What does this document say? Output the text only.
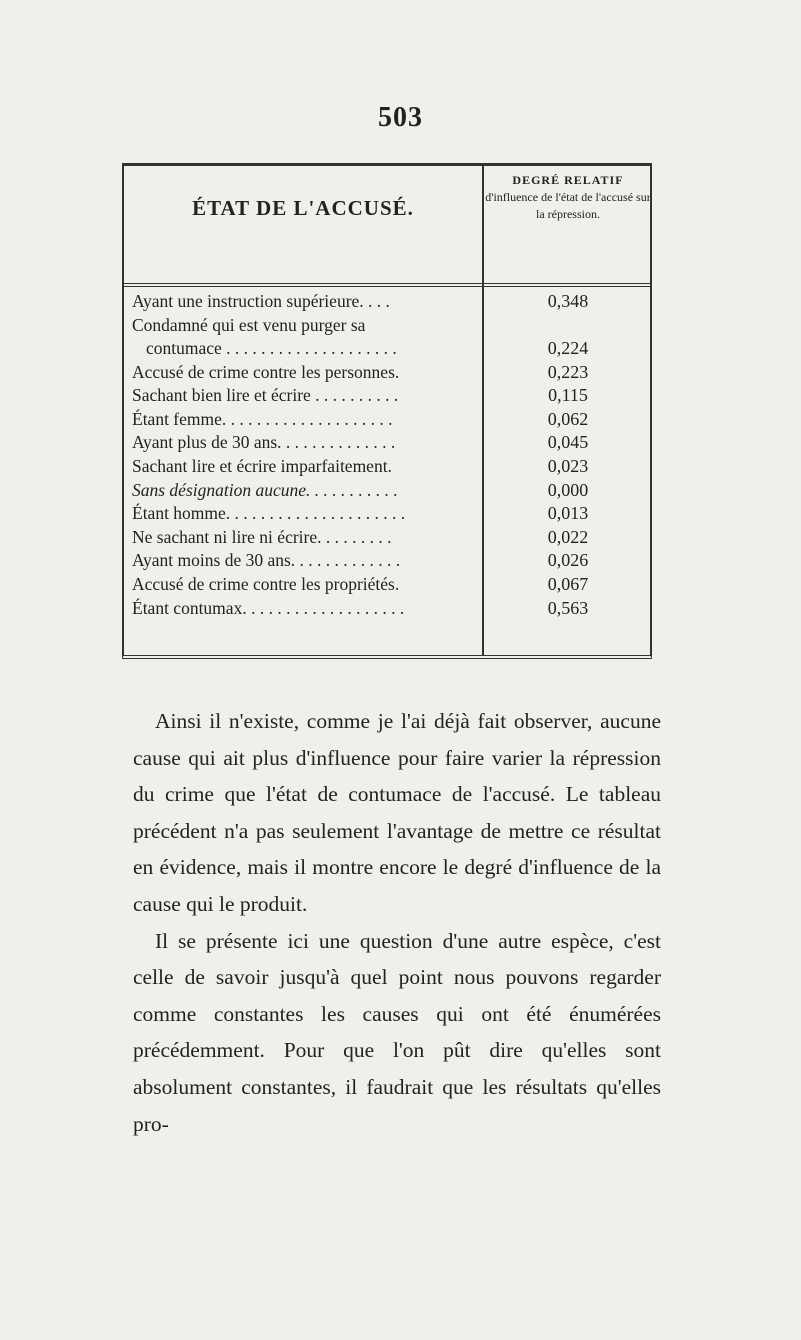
503
ÉTAT DE L'ACCUSÉ.
DEGRÉ RELATIF
d'influence de l'état de l'accusé sur la répression.
Ayant une instruction supérieure. . . .	0,348
Condamné qui est venu purger sa
contumace . . . . . . . . . . . . . . . . . . . .	0,224
Accusé de crime contre les personnes.	0,223
Sachant bien lire et écrire . . . . . . . . . .	0,115
Étant femme. . . . . . . . . . . . . . . . . . . .	0,062
Ayant plus de 30 ans. . . . . . . . . . . . . .	0,045
Sachant lire et écrire imparfaitement.	0,023
Sans désignation aucune. . . . . . . . . . .	0,000
Étant homme. . . . . . . . . . . . . . . . . . . . .	0,013
Ne sachant ni lire ni écrire. . . . . . . . .	0,022
Ayant moins de 30 ans. . . . . . . . . . . . .	0,026
Accusé de crime contre les propriétés.	0,067
Étant contumax. . . . . . . . . . . . . . . . . . .	0,563

Ainsi il n'existe, comme je l'ai déjà fait observer, aucune cause qui ait plus d'influence pour faire varier la répression du crime que l'état de contumace de l'accusé. Le tableau précédent n'a pas seulement l'avantage de mettre ce résultat en évidence, mais il montre encore le degré d'influence de la cause qui le produit.

Il se présente ici une question d'une autre espèce, c'est celle de savoir jusqu'à quel point nous pouvons regarder comme constantes les causes qui ont été énumérées précédemment. Pour que l'on pût dire qu'elles sont absolument constantes, il faudrait que les résultats qu'elles pro-
